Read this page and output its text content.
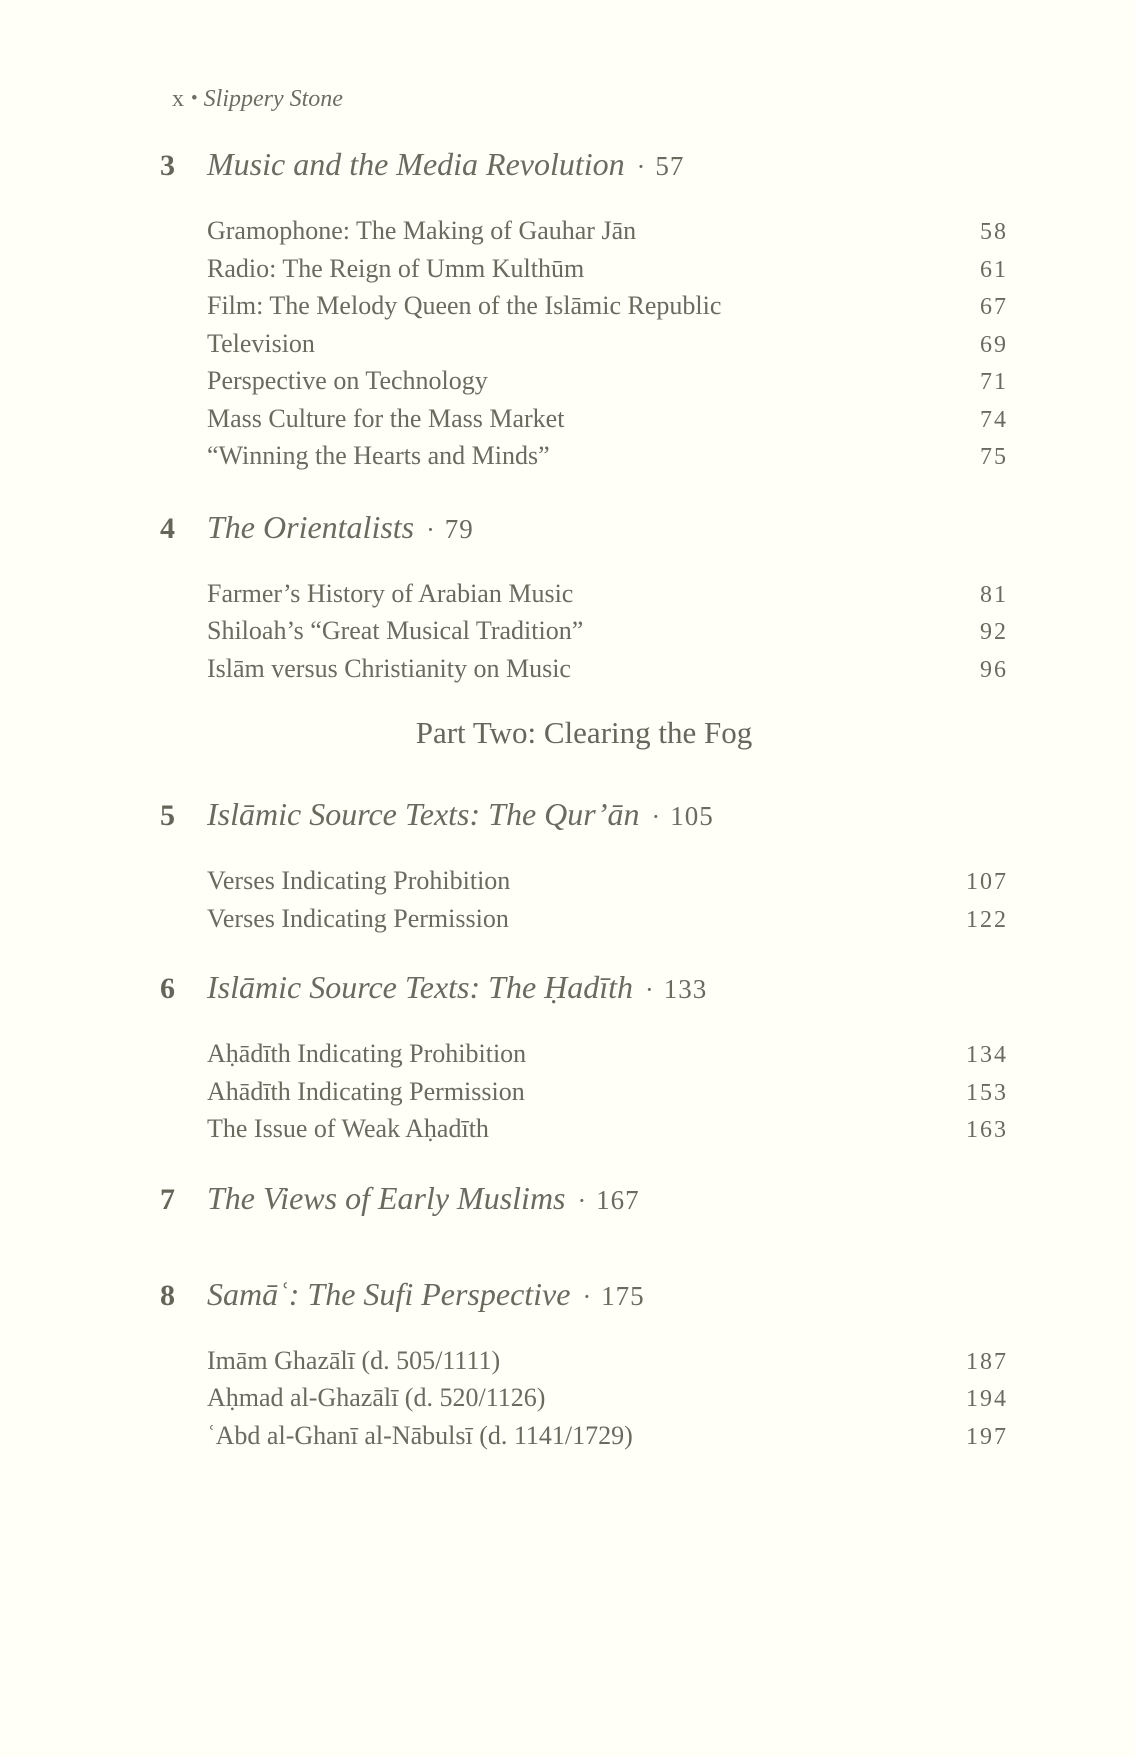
x • Slippery Stone
3 Music and the Media Revolution · 57
Gramophone: The Making of Gauhar Jān	58
Radio: The Reign of Umm Kulthūm	61
Film: The Melody Queen of the Islāmic Republic	67
Television	69
Perspective on Technology	71
Mass Culture for the Mass Market	74
“Winning the Hearts and Minds”	75
4 The Orientalists · 79
Farmer’s History of Arabian Music	81
Shiloah’s “Great Musical Tradition”	92
Islām versus Christianity on Music	96
Part Two: Clearing the Fog
5 Islāmic Source Texts: The Qur’ān · 105
Verses Indicating Prohibition	107
Verses Indicating Permission	122
6 Islāmic Source Texts: The Ḥadīth · 133
Aḥādīth Indicating Prohibition	134
Ahādīth Indicating Permission	153
The Issue of Weak Aḥadīth	163
7 The Views of Early Muslims · 167
8 Samāʿ: The Sufi Perspective · 175
Imām Ghazālī (d. 505/1111)	187
Aḥmad al-Ghazālī (d. 520/1126)	194
ʿAbd al-Ghanī al-Nābulsī (d. 1141/1729)	197
